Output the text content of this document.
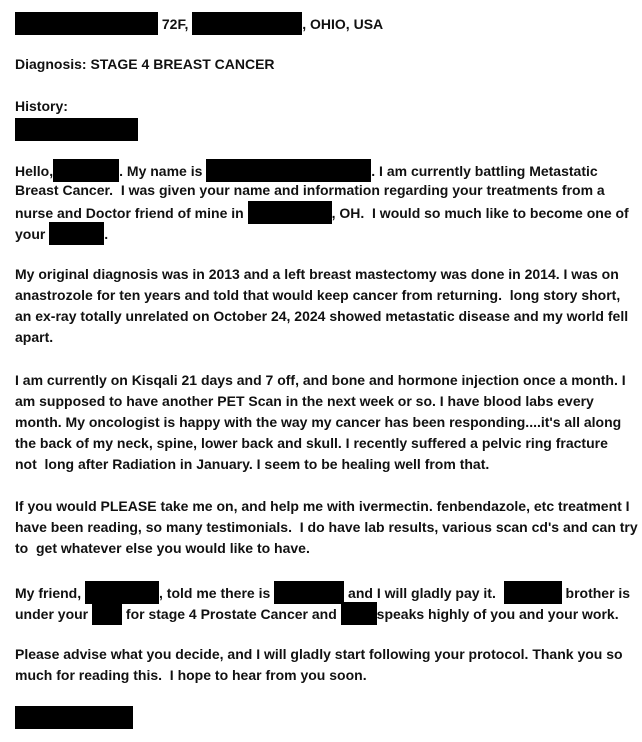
72F,	, OHIO, USA
Diagnosis: STAGE 4 BREAST CANCER
History:
Hello,	. My name is	. I am currently battling Metastatic
Breast Cancer.  I was given your name and information regarding your treatments from a
nurse and Doctor friend of mine in	, OH.  I would so much like to become one of
your	.
My original diagnosis was in 2013 and a left breast mastectomy was done in 2014. I was on
anastrozole for ten years and told that would keep cancer from returning.  long story short,
an ex-ray totally unrelated on October 24, 2024 showed metastatic disease and my world fell
apart.
I am currently on Kisqali 21 days and 7 off, and bone and hormone injection once a month. I
am supposed to have another PET Scan in the next week or so. I have blood labs every
month. My oncologist is happy with the way my cancer has been responding....it's all along
the back of my neck, spine, lower back and skull. I recently suffered a pelvic ring fracture
not  long after Radiation in January. I seem to be healing well from that.
If you would PLEASE take me on, and help me with ivermectin. fenbendazole, etc treatment I
have been reading, so many testimonials.  I do have lab results, various scan cd's and can try
to  get whatever else you would like to have.
My friend,	, told me there is	and I will gladly pay it.	brother is
under your	for stage 4 Prostate Cancer and	speaks highly of you and your work.
Please advise what you decide, and I will gladly start following your protocol. Thank you so
much for reading this.  I hope to hear from you soon.
